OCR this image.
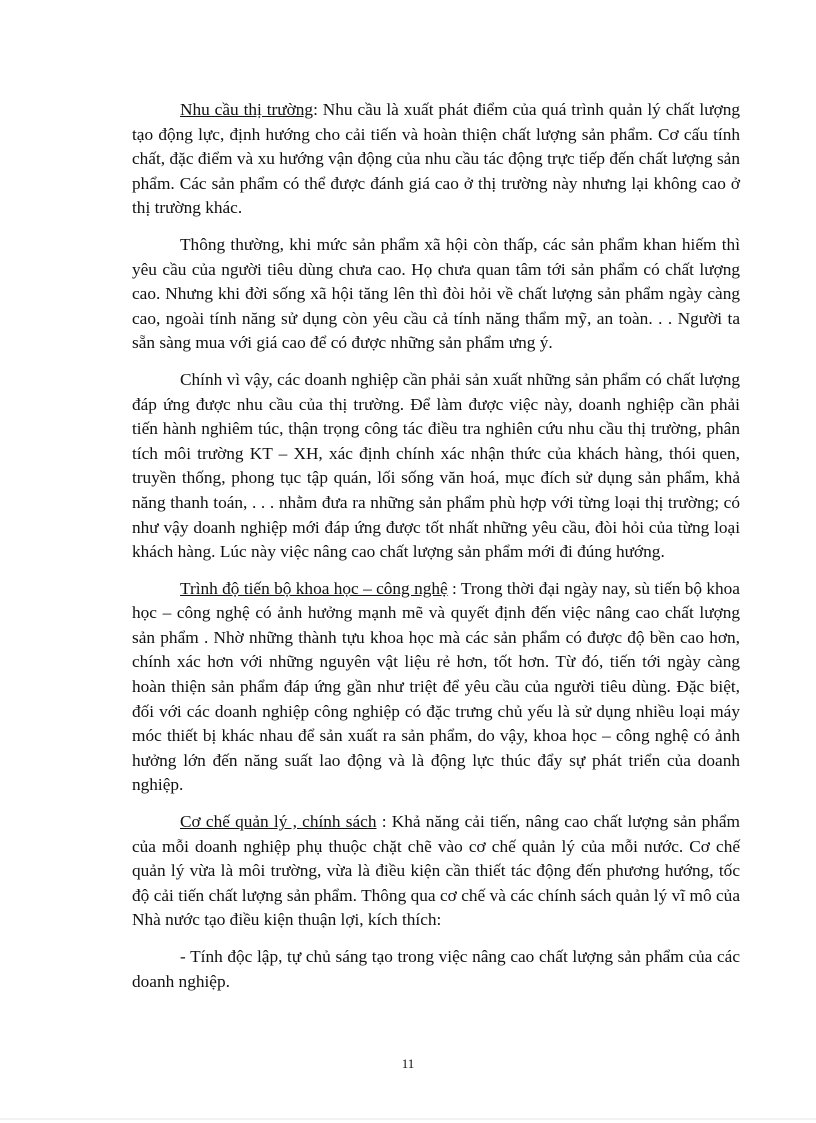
Nhu cầu thị trường: Nhu cầu là xuất phát điểm của quá trình quản lý chất lượng tạo động lực, định hướng cho cải tiến và hoàn thiện chất lượng sản phẩm. Cơ cấu tính chất, đặc điểm và xu hướng vận động của nhu cầu tác động trực tiếp đến chất lượng sản phẩm. Các sản phẩm có thể được đánh giá cao ở thị trường này nhưng lại không cao ở thị trường khác.

Thông thường, khi mức sản phẩm xã hội còn thấp, các sản phẩm khan hiếm thì yêu cầu của người tiêu dùng chưa cao. Họ chưa quan tâm tới sản phẩm có chất lượng cao. Nhưng khi đời sống xã hội tăng lên thì đòi hỏi về chất lượng sản phẩm ngày càng cao, ngoài tính năng sử dụng còn yêu cầu cả tính năng thẩm mỹ, an toàn. . . Người ta sẵn sàng mua với giá cao để có được những sản phẩm ưng ý.

Chính vì vậy, các doanh nghiệp cần phải sản xuất những sản phẩm có chất lượng đáp ứng được nhu cầu của thị trường. Để làm được việc này, doanh nghiệp cần phải tiến hành nghiêm túc, thận trọng công tác điều tra nghiên cứu nhu cầu thị trường, phân tích môi trường KT – XH, xác định chính xác nhận thức của khách hàng, thói quen, truyền thống, phong tục tập quán, lối sống văn hoá, mục đích sử dụng sản phẩm, khả năng thanh toán, . . . nhằm đưa ra những sản phẩm phù hợp với từng loại thị trường; có như vậy doanh nghiệp mới đáp ứng được tốt nhất những yêu cầu, đòi hỏi của từng loại khách hàng. Lúc này việc nâng cao chất lượng sản phẩm mới đi đúng hướng.

Trình độ tiến bộ khoa học – công nghệ : Trong thời đại ngày nay, sù tiến bộ khoa học – công nghệ có ảnh hưởng mạnh mẽ và quyết định đến việc nâng cao chất lượng sản phẩm . Nhờ những thành tựu khoa học mà các sản phẩm có được độ bền cao hơn, chính xác hơn với những nguyên vật liệu rẻ hơn, tốt hơn. Từ đó, tiến tới ngày càng hoàn thiện sản phẩm đáp ứng gần như triệt để yêu cầu của người tiêu dùng. Đặc biệt, đối với các doanh nghiệp công nghiệp có đặc trưng chủ yếu là sử dụng nhiều loại máy móc thiết bị khác nhau để sản xuất ra sản phẩm, do vậy, khoa học – công nghệ có ảnh hưởng lớn đến năng suất lao động và là động lực thúc đẩy sự phát triển của doanh nghiệp.

Cơ chế quản lý , chính sách : Khả năng cải tiến, nâng cao chất lượng sản phẩm của mỗi doanh nghiệp phụ thuộc chặt chẽ vào cơ chế quản lý của mỗi nước. Cơ chế quản lý vừa là môi trường, vừa là điều kiện cần thiết tác động đến phương hướng, tốc độ cải tiến chất lượng sản phẩm. Thông qua cơ chế và các chính sách quản lý vĩ mô của Nhà nước tạo điều kiện thuận lợi, kích thích:

- Tính độc lập, tự chủ sáng tạo trong việc nâng cao chất lượng sản phẩm của các doanh nghiệp.

11
